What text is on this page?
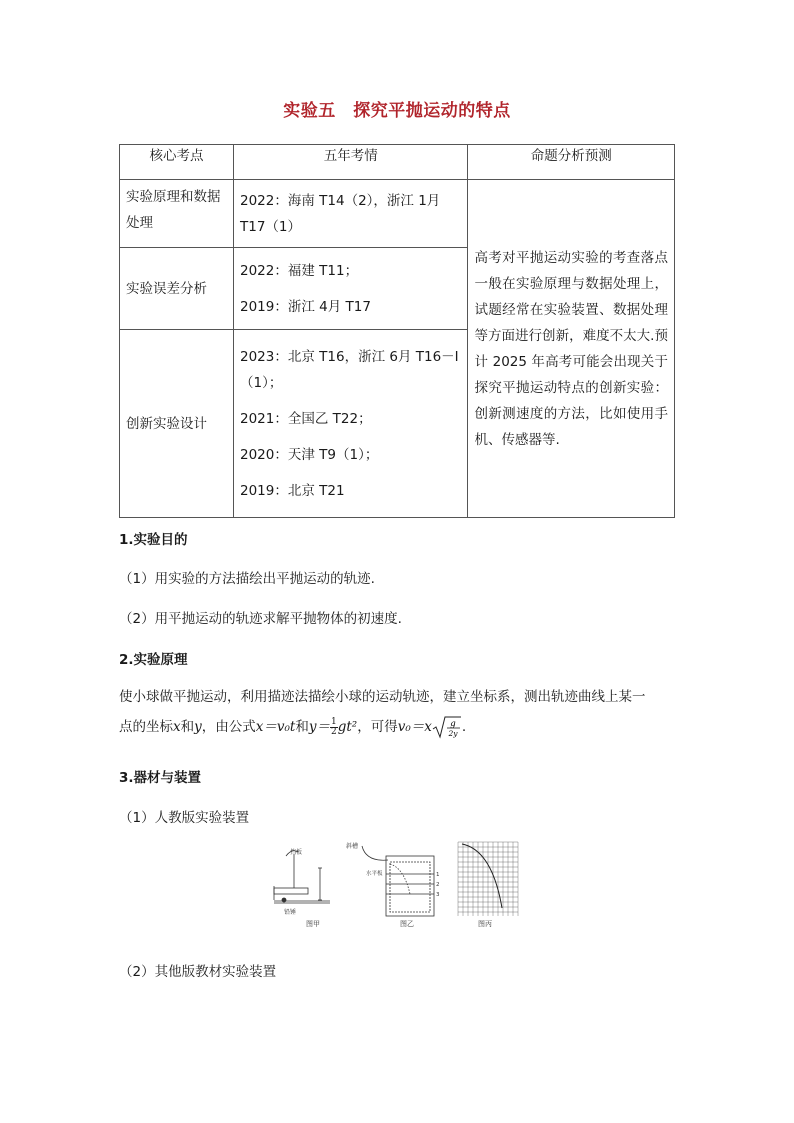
实验五　探究平抛运动的特点
核心考点	五年考情	命题分析预测
实验原理和数据处理	2022：海南 T14（2），浙江 1月 T17（1）	高考对平抛运动实验的考查落点一般在实验原理与数据处理上，试题经常在实验装置、数据处理等方面进行创新，难度不太大.预计 2025 年高考可能会出现关于探究平抛运动特点的创新实验：创新测速度的方法，比如使用手机、传感器等.
实验误差分析	2022：福建 T11；

2019：浙江 4月 T17	

创新实验设计	2023：北京 T16，浙江 6月 T16－Ⅰ（1）；

2021：全国乙 T22；

2020：天津 T9（1）；

2019：北京 T21	

1.实验目的
（1）用实验的方法描绘出平抛运动的轨迹.
（2）用平抛运动的轨迹求解平抛物体的初速度.
2.实验原理
使小球做平抛运动，利用描迹法描绘小球的运动轨迹，建立坐标系，测出轨迹曲线上某一
点的坐标x和y，由公式x＝v₀t和$y= \frac{1}{2} gt^2$，可得v₀＝x g
2y .
3.器材与装置
（1）人教版实验装置
挡板
铅锤
图甲
斜槽
水平板	1
2
3
图乙	图丙
（2）其他版教材实验装置
